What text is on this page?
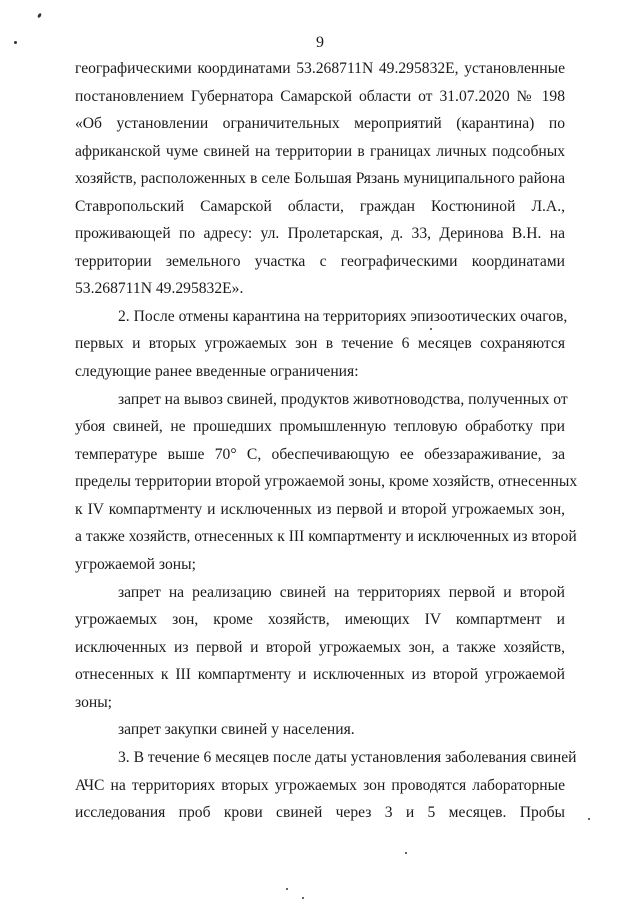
9
географическими координатами 53.268711N 49.295832E, установленные
постановлением Губернатора Самарской области от 31.07.2020 № 198
«Об установлении ограничительных мероприятий (карантина) по
африканской чуме свиней на территории в границах личных подсобных
хозяйств, расположенных в селе Большая Рязань муниципального района
Ставропольский Самарской области, граждан Костюниной Л.А.,
проживающей по адресу: ул. Пролетарская, д. 33, Деринова В.Н. на
территории земельного участка с географическими координатами
53.268711N 49.295832E».
2. После отмены карантина на территориях эпизоотических очагов,
первых и вторых угрожаемых зон в течение 6 месяцев сохраняются
следующие ранее введенные ограничения:
запрет на вывоз свиней, продуктов животноводства, полученных от
убоя свиней, не прошедших промышленную тепловую обработку при
температуре выше 70° С, обеспечивающую ее обеззараживание, за
пределы территории второй угрожаемой зоны, кроме хозяйств, отнесенных
к IV компартменту и исключенных из первой и второй угрожаемых зон,
а также хозяйств, отнесенных к III компартменту и исключенных из второй
угрожаемой зоны;
запрет на реализацию свиней на территориях первой и второй
угрожаемых зон, кроме хозяйств, имеющих IV компартмент и
исключенных из первой и второй угрожаемых зон, а также хозяйств,
отнесенных к III компартменту и исключенных из второй угрожаемой
зоны;
запрет закупки свиней у населения.
3. В течение 6 месяцев после даты установления заболевания свиней
АЧС на территориях вторых угрожаемых зон проводятся лабораторные
исследования проб крови свиней через 3 и 5 месяцев. Пробы
